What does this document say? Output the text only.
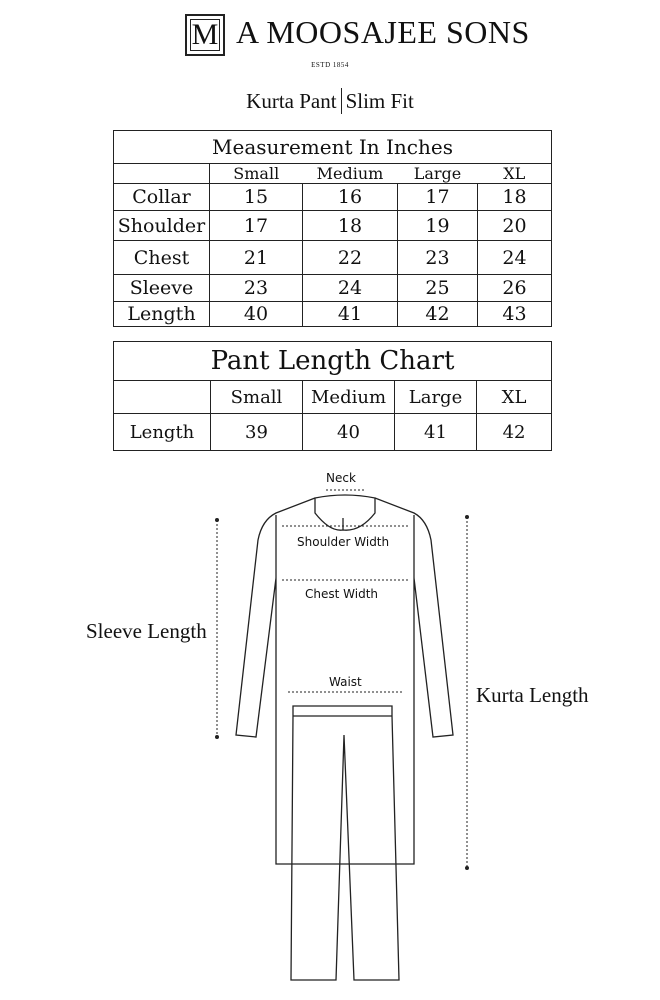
M A MOOSAJEE SONS
ESTD 1854
Kurta Pant Slim Fit
Measurement In Inches				
	Small	Medium	Large	XL
Collar	15	16	17	18
Shoulder	17	18	19	20
Chest	21	22	23	24
Sleeve	23	24	25	26
Length	40	41	42	43
Pant Length Chart				
	Small	Medium	Large	XL
Length	39	40	41	42
Neck
Shoulder Width
Chest Width
Waist
Sleeve Length
Kurta Length
